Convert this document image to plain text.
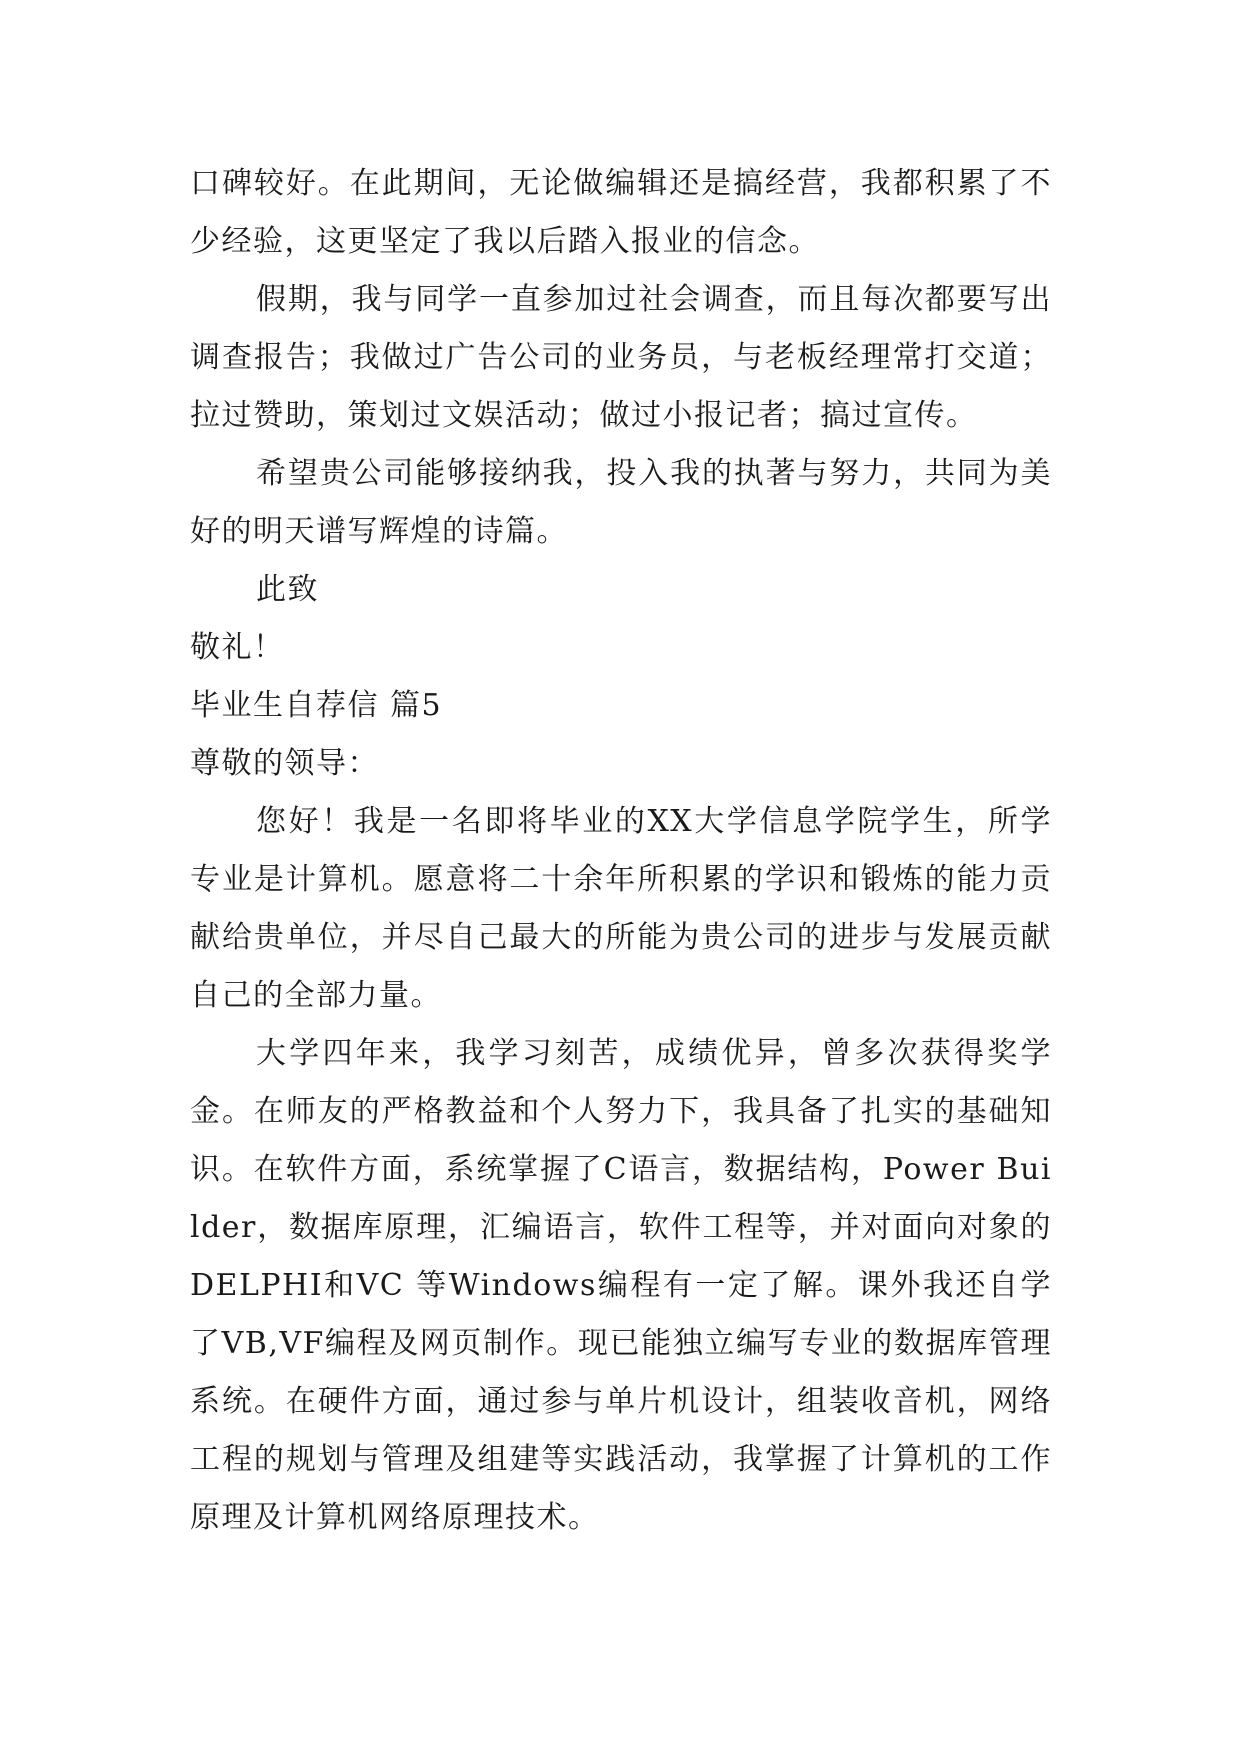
口碑较好。在此期间，无论做编辑还是搞经营，我都积累了不少经验，这更坚定了我以后踏入报业的信念。

假期，我与同学一直参加过社会调查，而且每次都要写出调查报告；我做过广告公司的业务员，与老板经理常打交道；拉过赞助，策划过文娱活动；做过小报记者；搞过宣传。

希望贵公司能够接纳我，投入我的执著与努力，共同为美好的明天谱写辉煌的诗篇。

此致

敬礼！

毕业生自荐信 篇5

尊敬的领导：

您好！我是一名即将毕业的XX大学信息学院学生，所学专业是计算机。愿意将二十余年所积累的学识和锻炼的能力贡献给贵单位，并尽自己最大的所能为贵公司的进步与发展贡献自己的全部力量。

大学四年来，我学习刻苦，成绩优异，曾多次获得奖学金。在师友的严格教益和个人努力下，我具备了扎实的基础知识。在软件方面，系统掌握了C语言，数据结构，Power Builder，数据库原理，汇编语言，软件工程等，并对面向对象的DELPHI和VC 等Windows编程有一定了解。课外我还自学了VB,VF编程及网页制作。现已能独立编写专业的数据库管理系统。在硬件方面，通过参与单片机设计，组装收音机，网络工程的规划与管理及组建等实践活动，我掌握了计算机的工作原理及计算机网络原理技术。
